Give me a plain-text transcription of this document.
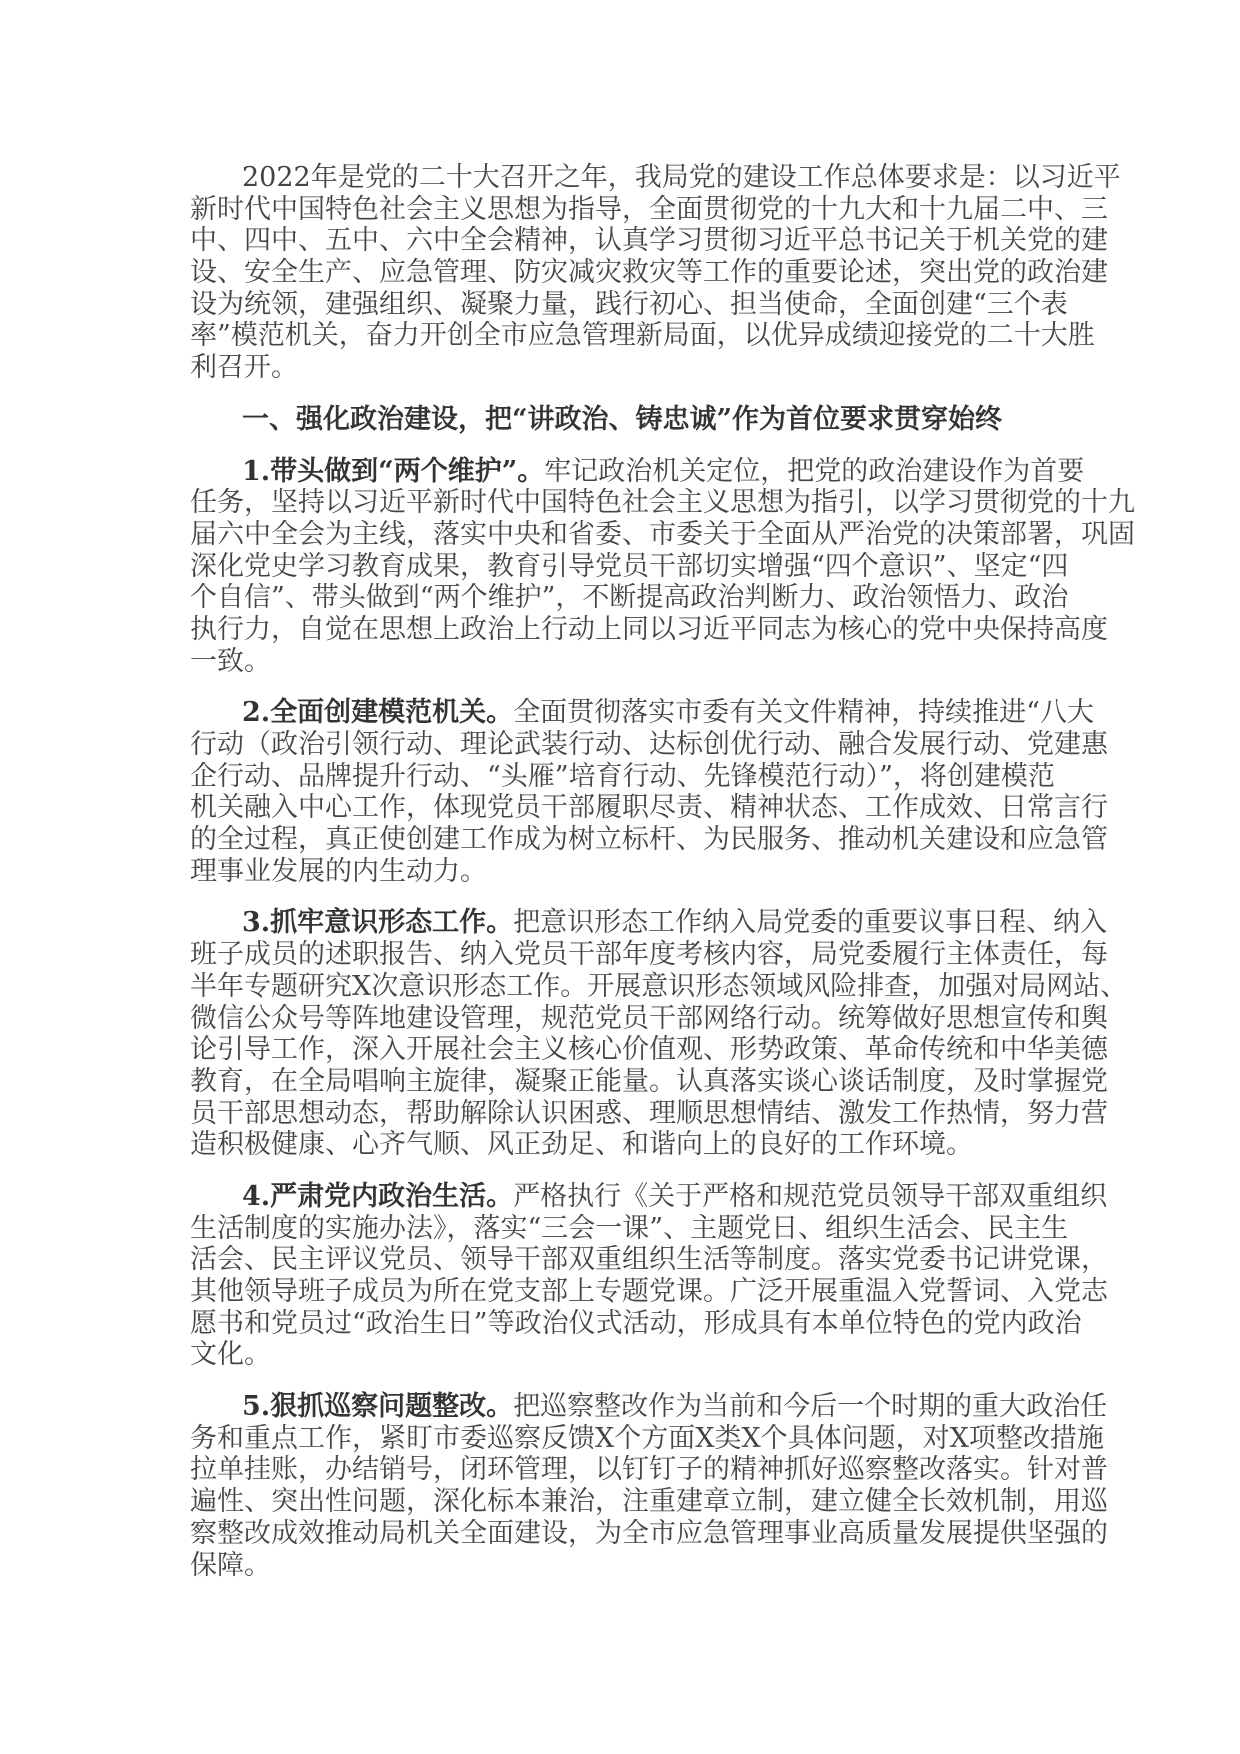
2022年是党的二十大召开之年，我局党的建设工作总体要求是：以习近平
新时代中国特色社会主义思想为指导，全面贯彻党的十九大和十九届二中、三
中、四中、五中、六中全会精神，认真学习贯彻习近平总书记关于机关党的建
设、安全生产、应急管理、防灾减灾救灾等工作的重要论述，突出党的政治建
设为统领，建强组织、凝聚力量，践行初心、担当使命，全面创建“三个表
率”模范机关，奋力开创全市应急管理新局面，以优异成绩迎接党的二十大胜
利召开。
一、强化政治建设，把“讲政治、铸忠诚”作为首位要求贯穿始终
1.带头做到“两个维护”。牢记政治机关定位，把党的政治建设作为首要
任务，坚持以习近平新时代中国特色社会主义思想为指引，以学习贯彻党的十九
届六中全会为主线，落实中央和省委、市委关于全面从严治党的决策部署，巩固
深化党史学习教育成果，教育引导党员干部切实增强“四个意识”、坚定“四
个自信”、带头做到“两个维护”，不断提高政治判断力、政治领悟力、政治
执行力，自觉在思想上政治上行动上同以习近平同志为核心的党中央保持高度
一致。
2.全面创建模范机关。全面贯彻落实市委有关文件精神，持续推进“八大
行动（政治引领行动、理论武装行动、达标创优行动、融合发展行动、党建惠
企行动、品牌提升行动、“头雁”培育行动、先锋模范行动）”，将创建模范
机关融入中心工作，体现党员干部履职尽责、精神状态、工作成效、日常言行
的全过程，真正使创建工作成为树立标杆、为民服务、推动机关建设和应急管
理事业发展的内生动力。
3.抓牢意识形态工作。把意识形态工作纳入局党委的重要议事日程、纳入
班子成员的述职报告、纳入党员干部年度考核内容，局党委履行主体责任，每
半年专题研究X次意识形态工作。开展意识形态领域风险排查，加强对局网站、
微信公众号等阵地建设管理，规范党员干部网络行动。统筹做好思想宣传和舆
论引导工作，深入开展社会主义核心价值观、形势政策、革命传统和中华美德
教育，在全局唱响主旋律，凝聚正能量。认真落实谈心谈话制度，及时掌握党
员干部思想动态，帮助解除认识困惑、理顺思想情结、激发工作热情，努力营
造积极健康、心齐气顺、风正劲足、和谐向上的良好的工作环境。
4.严肃党内政治生活。严格执行《关于严格和规范党员领导干部双重组织
生活制度的实施办法》，落实“三会一课”、主题党日、组织生活会、民主生
活会、民主评议党员、领导干部双重组织生活等制度。落实党委书记讲党课，
其他领导班子成员为所在党支部上专题党课。广泛开展重温入党誓词、入党志
愿书和党员过“政治生日”等政治仪式活动，形成具有本单位特色的党内政治
文化。
5.狠抓巡察问题整改。把巡察整改作为当前和今后一个时期的重大政治任
务和重点工作，紧盯市委巡察反馈X个方面X类X个具体问题，对X项整改措施
拉单挂账，办结销号，闭环管理，以钉钉子的精神抓好巡察整改落实。针对普
遍性、突出性问题，深化标本兼治，注重建章立制，建立健全长效机制，用巡
察整改成效推动局机关全面建设，为全市应急管理事业高质量发展提供坚强的
保障。
